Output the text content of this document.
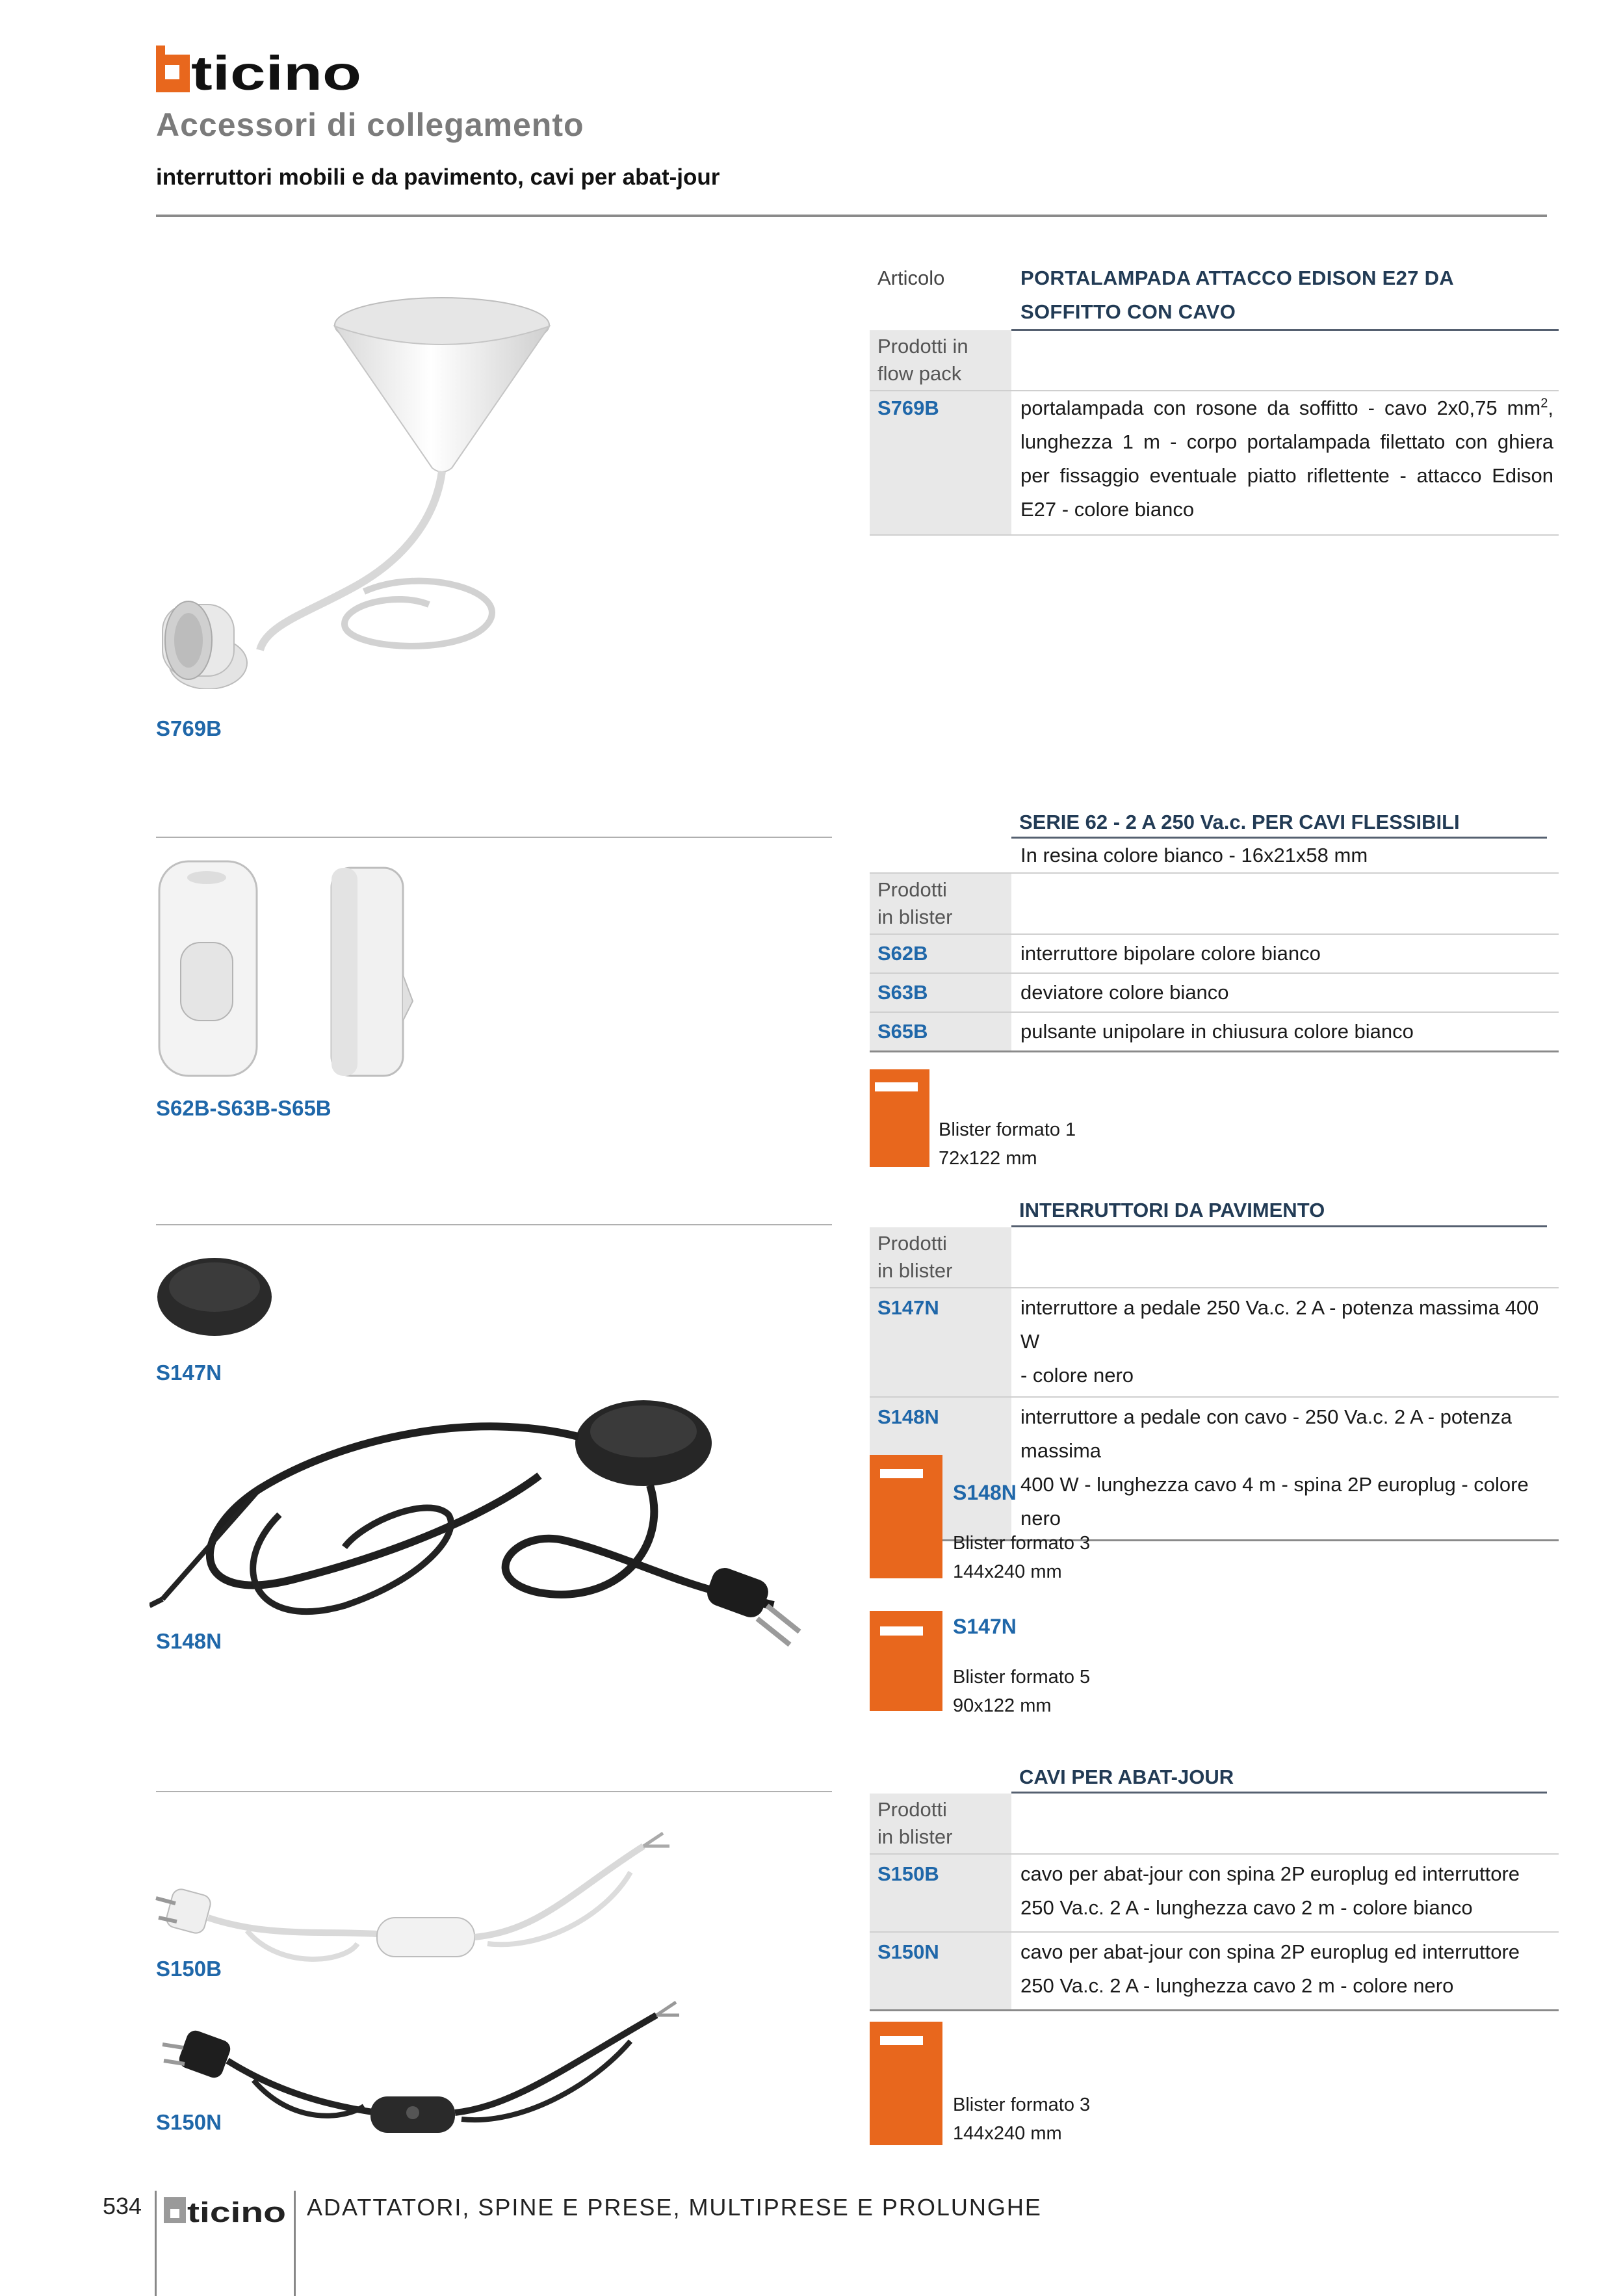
ticino
Accessori di collegamento
interruttori mobili e da pavimento, cavi per abat-jour
S769B
Articolo	PORTALAMPADA ATTACCO EDISON E27 DA SOFFITTO CON CAVO
Prodotti in
flow pack	
S769B	portalampada con rosone da soffitto - cavo 2x0,75 $mm^2$, lunghezza 1 m - corpo portalampada filettato con ghiera per fissaggio eventuale piatto riflettente - attacco Edison E27 - colore bianco
S62B-S63B-S65B
SERIE 62 - 2 A 250 Va.c. PER CAVI FLESSIBILI
	In resina colore bianco - 16x21x58 mm
Prodotti
in blister	
S62B	interruttore bipolare colore bianco
S63B	deviatore colore bianco
S65B	pulsante unipolare in chiusura colore bianco
Blister formato 1
72x122 mm
S147N
S148N
INTERRUTTORI DA PAVIMENTO
Prodotti
in blister	
S147N	interruttore a pedale 250 Va.c. 2 A - potenza massima 400 W
- colore nero
S148N	interruttore a pedale con cavo - 250 Va.c. 2 A - potenza massima
400 W - lunghezza cavo 4 m - spina 2P europlug - colore nero
S148N
Blister formato 3
144x240 mm
S147N
Blister formato 5
90x122 mm
S150B
S150N
CAVI PER ABAT-JOUR
Prodotti
in blister	
S150B	cavo per abat-jour con spina 2P europlug ed interruttore
250 Va.c. 2 A - lunghezza cavo 2 m - colore bianco
S150N	cavo per abat-jour con spina 2P europlug ed interruttore
250 Va.c. 2 A - lunghezza cavo 2 m - colore nero
Blister formato 3
144x240 mm
534 ticino ADATTATORI, SPINE E PRESE, MULTIPRESE E PROLUNGHE
